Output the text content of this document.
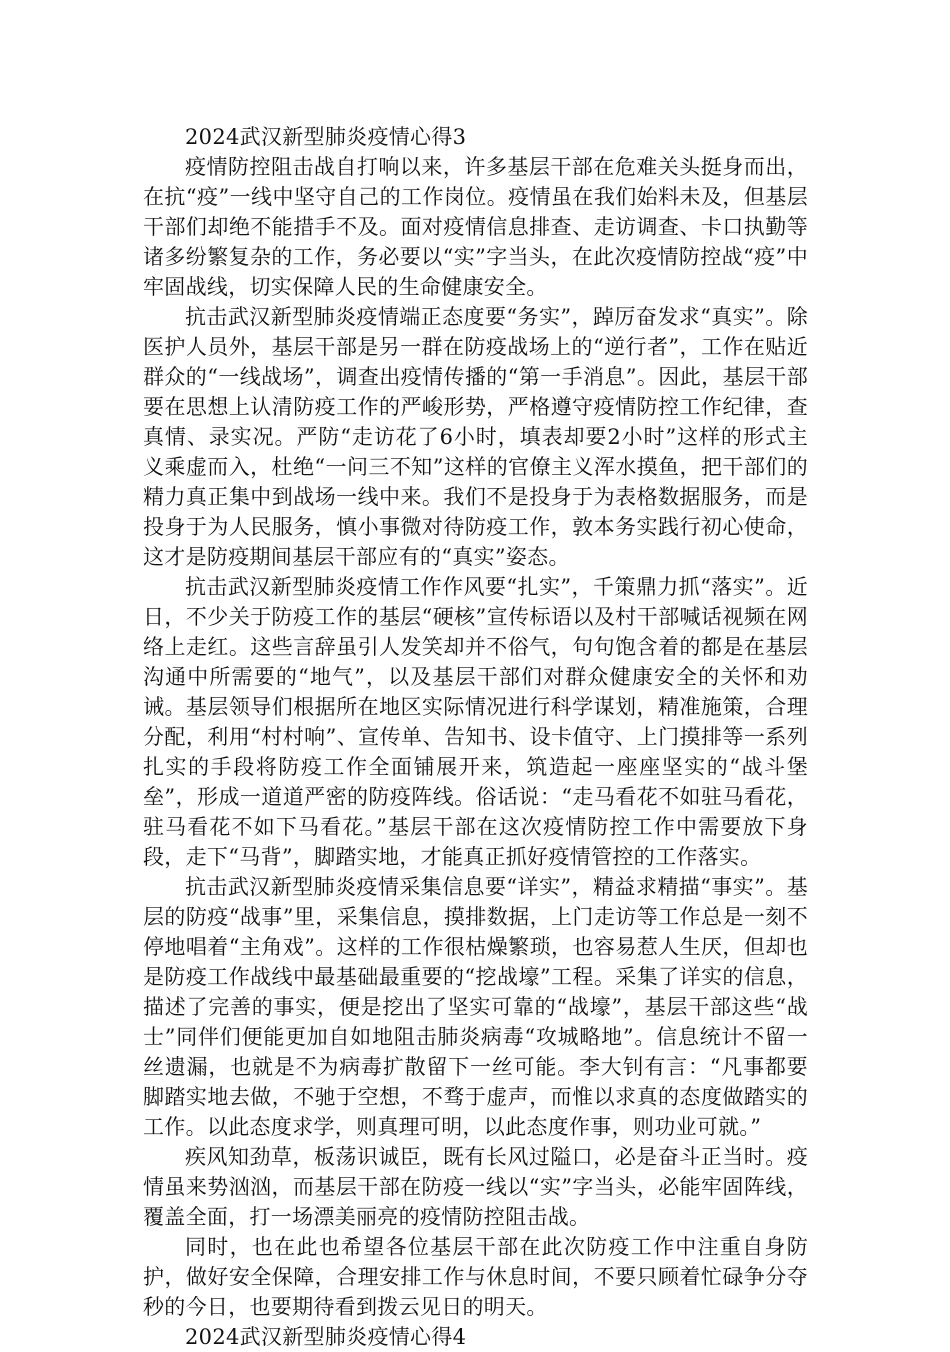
2024武汉新型肺炎疫情心得3

疫情防控阻击战自打响以来，许多基层干部在危难关头挺身而出，在抗“疫”一线中坚守自己的工作岗位。疫情虽在我们始料未及，但基层干部们却绝不能措手不及。面对疫情信息排查、走访调查、卡口执勤等诸多纷繁复杂的工作，务必要以“实”字当头，在此次疫情防控战“疫”中牢固战线，切实保障人民的生命健康安全。

抗击武汉新型肺炎疫情端正态度要“务实”，踔厉奋发求“真实”。除医护人员外，基层干部是另一群在防疫战场上的“逆行者”，工作在贴近群众的“一线战场”，调查出疫情传播的“第一手消息”。因此，基层干部要在思想上认清防疫工作的严峻形势，严格遵守疫情防控工作纪律，查真情、录实况。严防“走访花了6小时，填表却要2小时”这样的形式主义乘虚而入，杜绝“一问三不知”这样的官僚主义浑水摸鱼，把干部们的精力真正集中到战场一线中来。我们不是投身于为表格数据服务，而是投身于为人民服务，慎小事微对待防疫工作，敦本务实践行初心使命，这才是防疫期间基层干部应有的“真实”姿态。

抗击武汉新型肺炎疫情工作作风要“扎实”，千策鼎力抓“落实”。近日，不少关于防疫工作的基层“硬核”宣传标语以及村干部喊话视频在网络上走红。这些言辞虽引人发笑却并不俗气，句句饱含着的都是在基层沟通中所需要的“地气”，以及基层干部们对群众健康安全的关怀和劝诫。基层领导们根据所在地区实际情况进行科学谋划，精准施策，合理分配，利用“村村响”、宣传单、告知书、设卡值守、上门摸排等一系列扎实的手段将防疫工作全面铺展开来，筑造起一座座坚实的“战斗堡垒”，形成一道道严密的防疫阵线。俗话说：“走马看花不如驻马看花，驻马看花不如下马看花。”基层干部在这次疫情防控工作中需要放下身段，走下“马背”，脚踏实地，才能真正抓好疫情管控的工作落实。

抗击武汉新型肺炎疫情采集信息要“详实”，精益求精描“事实”。基层的防疫“战事”里，采集信息，摸排数据，上门走访等工作总是一刻不停地唱着“主角戏”。这样的工作很枯燥繁琐，也容易惹人生厌，但却也是防疫工作战线中最基础最重要的“挖战壕”工程。采集了详实的信息，描述了完善的事实，便是挖出了坚实可靠的“战壕”，基层干部这些“战士”同伴们便能更加自如地阻击肺炎病毒“攻城略地”。信息统计不留一丝遗漏，也就是不为病毒扩散留下一丝可能。李大钊有言：“凡事都要脚踏实地去做，不驰于空想，不骛于虚声，而惟以求真的态度做踏实的工作。以此态度求学，则真理可明，以此态度作事，则功业可就。”

疾风知劲草，板荡识诚臣，既有长风过隘口，必是奋斗正当时。疫情虽来势汹汹，而基层干部在防疫一线以“实”字当头，必能牢固阵线，覆盖全面，打一场漂美丽亮的疫情防控阻击战。

同时，也在此也希望各位基层干部在此次防疫工作中注重自身防护，做好安全保障，合理安排工作与休息时间，不要只顾着忙碌争分夺秒的今日，也要期待看到拨云见日的明天。

2024武汉新型肺炎疫情心得4
